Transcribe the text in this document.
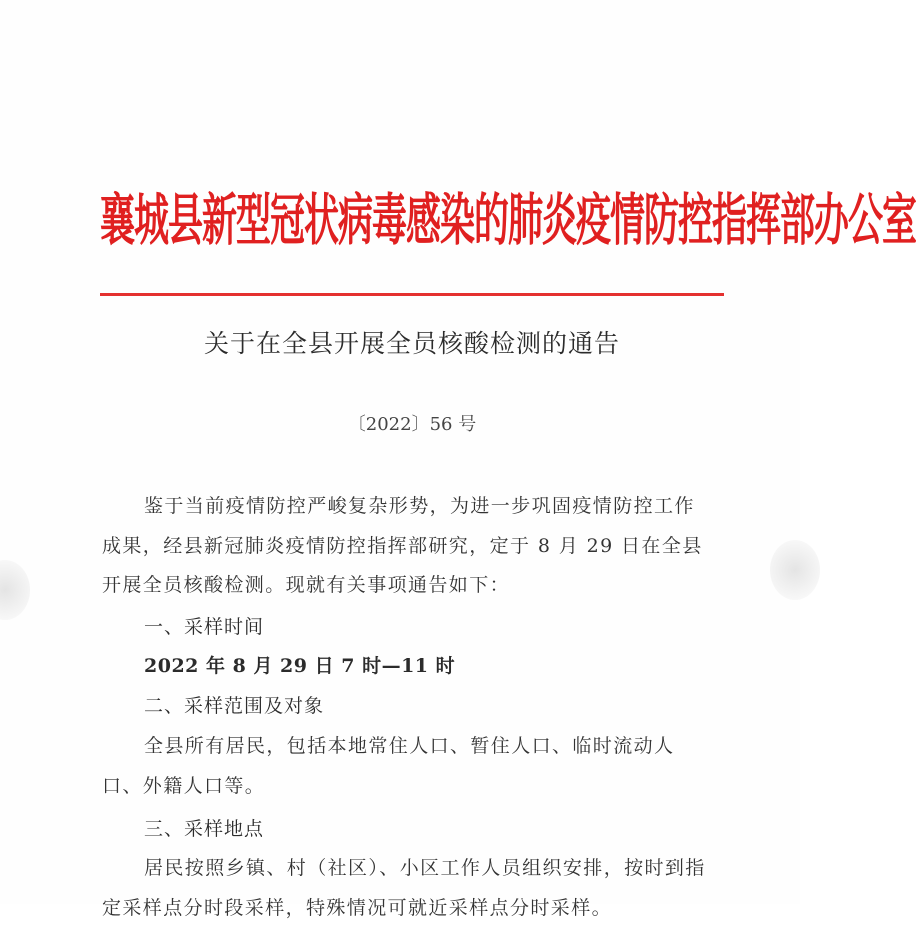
襄城县新型冠状病毒感染的肺炎疫情防控指挥部办公室
关于在全县开展全员核酸检测的通告
〔2022〕56 号
鉴于当前疫情防控严峻复杂形势，为进一步巩固疫情防控工作成果，经县新冠肺炎疫情防控指挥部研究，定于 8 月 29 日在全县开展全员核酸检测。现就有关事项通告如下：
一、采样时间
2022 年 8 月 29 日 7 时—11 时
二、采样范围及对象
全县所有居民，包括本地常住人口、暂住人口、临时流动人口、外籍人口等。
三、采样地点
居民按照乡镇、村（社区）、小区工作人员组织安排，按时到指定采样点分时段采样，特殊情况可就近采样点分时采样。
